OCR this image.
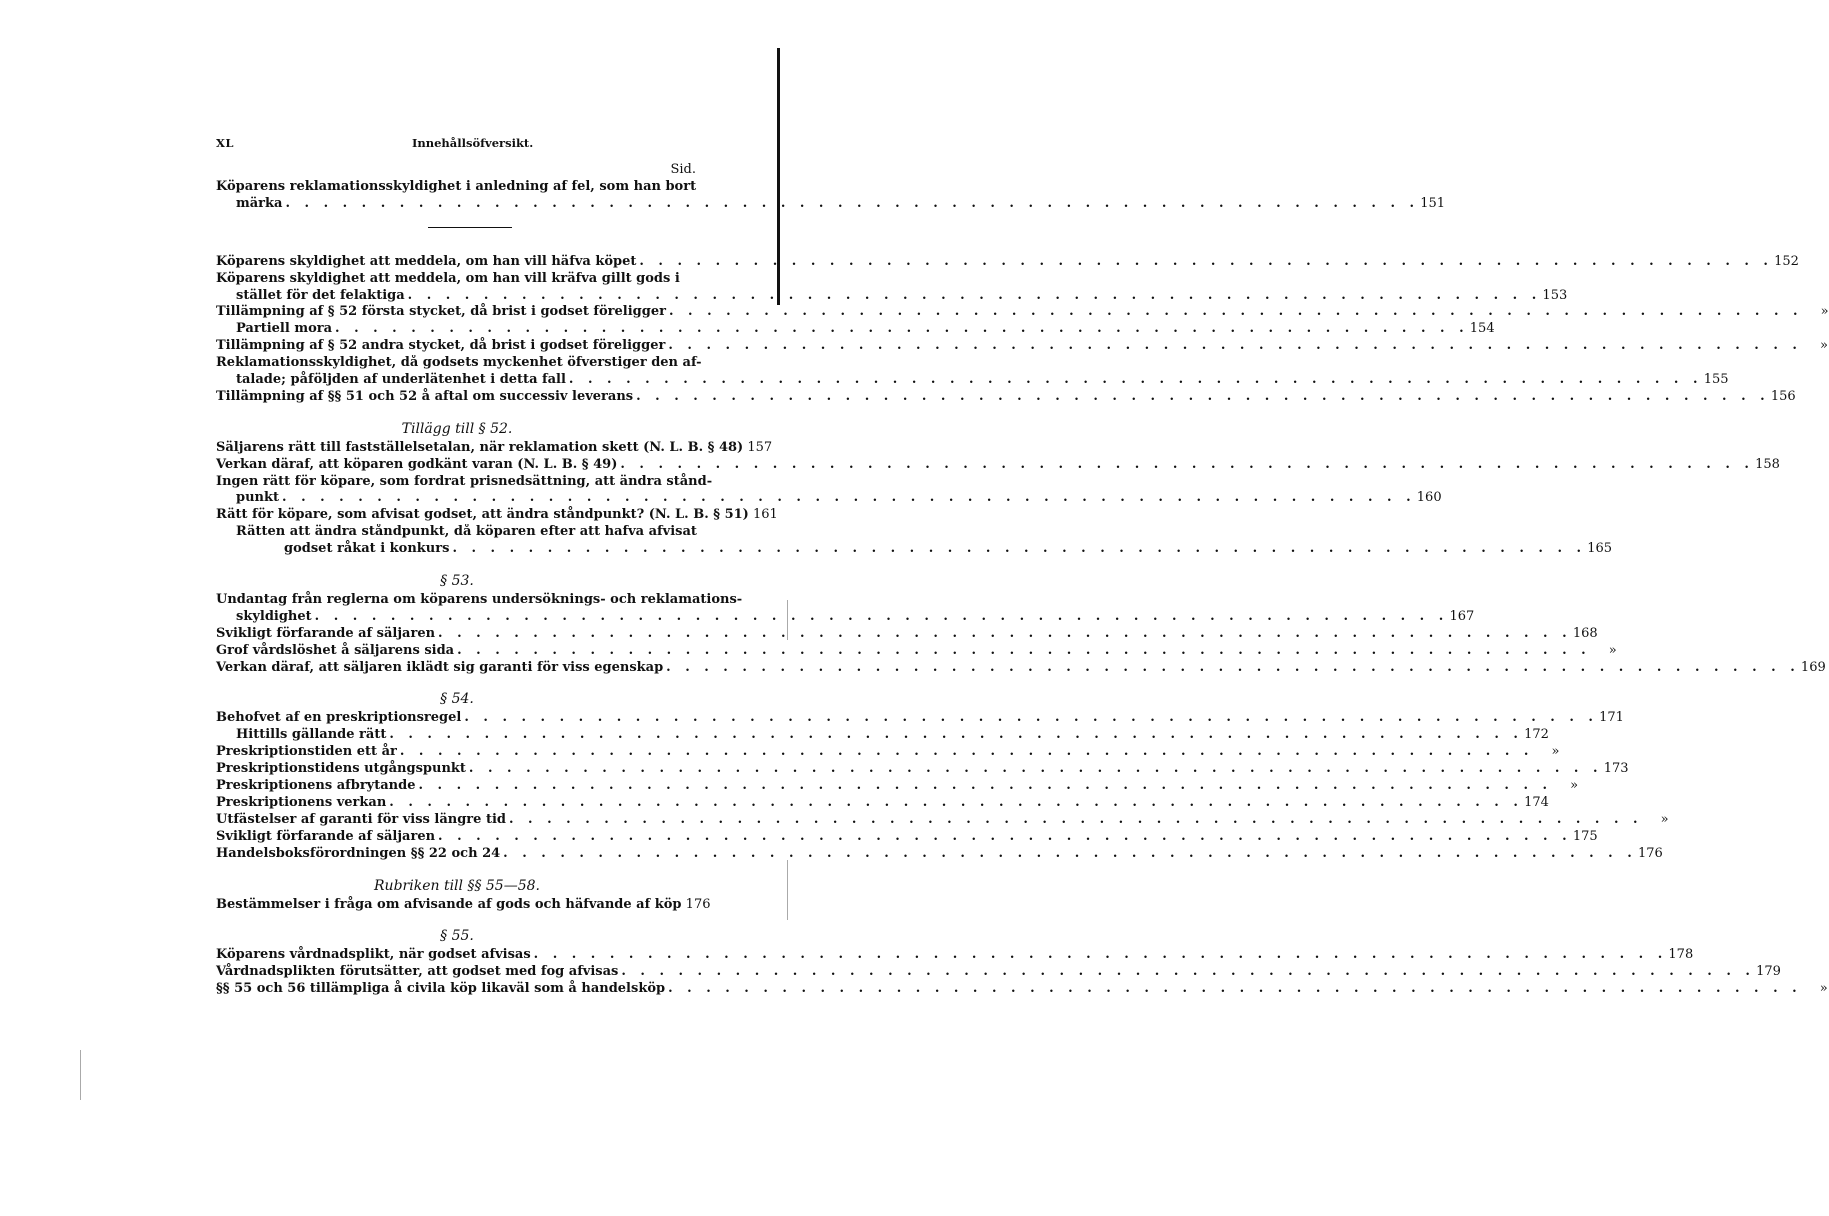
XL	Innehållsöfversikt.
Sid.
Köparens reklamationsskyldighet i anledning af fel, som han bort
märka . . . . . . . . . . . . . . . . . . . . . . . . . . . . . . . . . . . . . . . . . . . . . . . . . . . . . . . . . . . . 151
Köparens skyldighet att meddela, om han vill häfva köpet . . . . . . . . . . . . . . . . . . . . . . . . . . . . . . . . . . . . . . . . . . . . . . . . . . . . . . . . . . . . 152
Köparens skyldighet att meddela, om han vill kräfva gillt gods i
stället för det felaktiga . . . . . . . . . . . . . . . . . . . . . . . . . . . . . . . . . . . . . . . . . . . . . . . . . . . . . . . . . . . . 153
Tillämpning af § 52 första stycket, då brist i godset föreligger . . . . . . . . . . . . . . . . . . . . . . . . . . . . . . . . . . . . . . . . . . . . . . . . . . . . . . . . . . . .	»
Partiell mora . . . . . . . . . . . . . . . . . . . . . . . . . . . . . . . . . . . . . . . . . . . . . . . . . . . . . . . . . . . . 154
Tillämpning af § 52 andra stycket, då brist i godset föreligger . . . . . . . . . . . . . . . . . . . . . . . . . . . . . . . . . . . . . . . . . . . . . . . . . . . . . . . . . . . .	»
Reklamationsskyldighet, då godsets myckenhet öfverstiger den af-
talade; påföljden af underlätenhet i detta fall . . . . . . . . . . . . . . . . . . . . . . . . . . . . . . . . . . . . . . . . . . . . . . . . . . . . . . . . . . . . 155
Tillämpning af §§ 51 och 52 å aftal om successiv leverans . . . . . . . . . . . . . . . . . . . . . . . . . . . . . . . . . . . . . . . . . . . . . . . . . . . . . . . . . . . . 156
Tillägg till § 52.
Säljarens rätt till fastställelsetalan, när reklamation skett (N. L. B. § 48) 157
Verkan däraf, att köparen godkänt varan (N. L. B. § 49) . . . . . . . . . . . . . . . . . . . . . . . . . . . . . . . . . . . . . . . . . . . . . . . . . . . . . . . . . . . . 158
Ingen rätt för köpare, som fordrat prisnedsättning, att ändra stånd-
punkt . . . . . . . . . . . . . . . . . . . . . . . . . . . . . . . . . . . . . . . . . . . . . . . . . . . . . . . . . . . . 160
Rätt för köpare, som afvisat godset, att ändra ståndpunkt? (N. L. B. § 51) 161
Rätten att ändra ståndpunkt, då köparen efter att hafva afvisat
godset råkat i konkurs . . . . . . . . . . . . . . . . . . . . . . . . . . . . . . . . . . . . . . . . . . . . . . . . . . . . . . . . . . . . 165
§ 53.
Undantag från reglerna om köparens undersöknings- och reklamations-
skyldighet . . . . . . . . . . . . . . . . . . . . . . . . . . . . . . . . . . . . . . . . . . . . . . . . . . . . . . . . . . . . 167
Svikligt förfarande af säljaren . . . . . . . . . . . . . . . . . . . . . . . . . . . . . . . . . . . . . . . . . . . . . . . . . . . . . . . . . . . . 168
Grof vårdslöshet å säljarens sida . . . . . . . . . . . . . . . . . . . . . . . . . . . . . . . . . . . . . . . . . . . . . . . . . . . . . . . . . . . .	»
Verkan däraf, att säljaren iklädt sig garanti för viss egenskap . . . . . . . . . . . . . . . . . . . . . . . . . . . . . . . . . . . . . . . . . . . . . . . . . . . . . . . . . . . . 169
§ 54.
Behofvet af en preskriptionsregel . . . . . . . . . . . . . . . . . . . . . . . . . . . . . . . . . . . . . . . . . . . . . . . . . . . . . . . . . . . . 171
Hittills gällande rätt . . . . . . . . . . . . . . . . . . . . . . . . . . . . . . . . . . . . . . . . . . . . . . . . . . . . . . . . . . . . 172
Preskriptionstiden ett år . . . . . . . . . . . . . . . . . . . . . . . . . . . . . . . . . . . . . . . . . . . . . . . . . . . . . . . . . . . .	»
Preskriptionstidens utgångspunkt . . . . . . . . . . . . . . . . . . . . . . . . . . . . . . . . . . . . . . . . . . . . . . . . . . . . . . . . . . . . 173
Preskriptionens afbrytande . . . . . . . . . . . . . . . . . . . . . . . . . . . . . . . . . . . . . . . . . . . . . . . . . . . . . . . . . . . .	»
Preskriptionens verkan . . . . . . . . . . . . . . . . . . . . . . . . . . . . . . . . . . . . . . . . . . . . . . . . . . . . . . . . . . . . 174
Utfästelser af garanti för viss längre tid . . . . . . . . . . . . . . . . . . . . . . . . . . . . . . . . . . . . . . . . . . . . . . . . . . . . . . . . . . . .	»
Svikligt förfarande af säljaren . . . . . . . . . . . . . . . . . . . . . . . . . . . . . . . . . . . . . . . . . . . . . . . . . . . . . . . . . . . . 175
Handelsboksförordningen §§ 22 och 24 . . . . . . . . . . . . . . . . . . . . . . . . . . . . . . . . . . . . . . . . . . . . . . . . . . . . . . . . . . . . 176
Rubriken till §§ 55—58.
Bestämmelser i fråga om afvisande af gods och häfvande af köp 176
§ 55.
Köparens vårdnadsplikt, när godset afvisas . . . . . . . . . . . . . . . . . . . . . . . . . . . . . . . . . . . . . . . . . . . . . . . . . . . . . . . . . . . . 178
Vårdnadsplikten förutsätter, att godset med fog afvisas . . . . . . . . . . . . . . . . . . . . . . . . . . . . . . . . . . . . . . . . . . . . . . . . . . . . . . . . . . . . 179
§§ 55 och 56 tillämpliga å civila köp likaväl som å handelsköp . . . . . . . . . . . . . . . . . . . . . . . . . . . . . . . . . . . . . . . . . . . . . . . . . . . . . . . . . . . .	»
